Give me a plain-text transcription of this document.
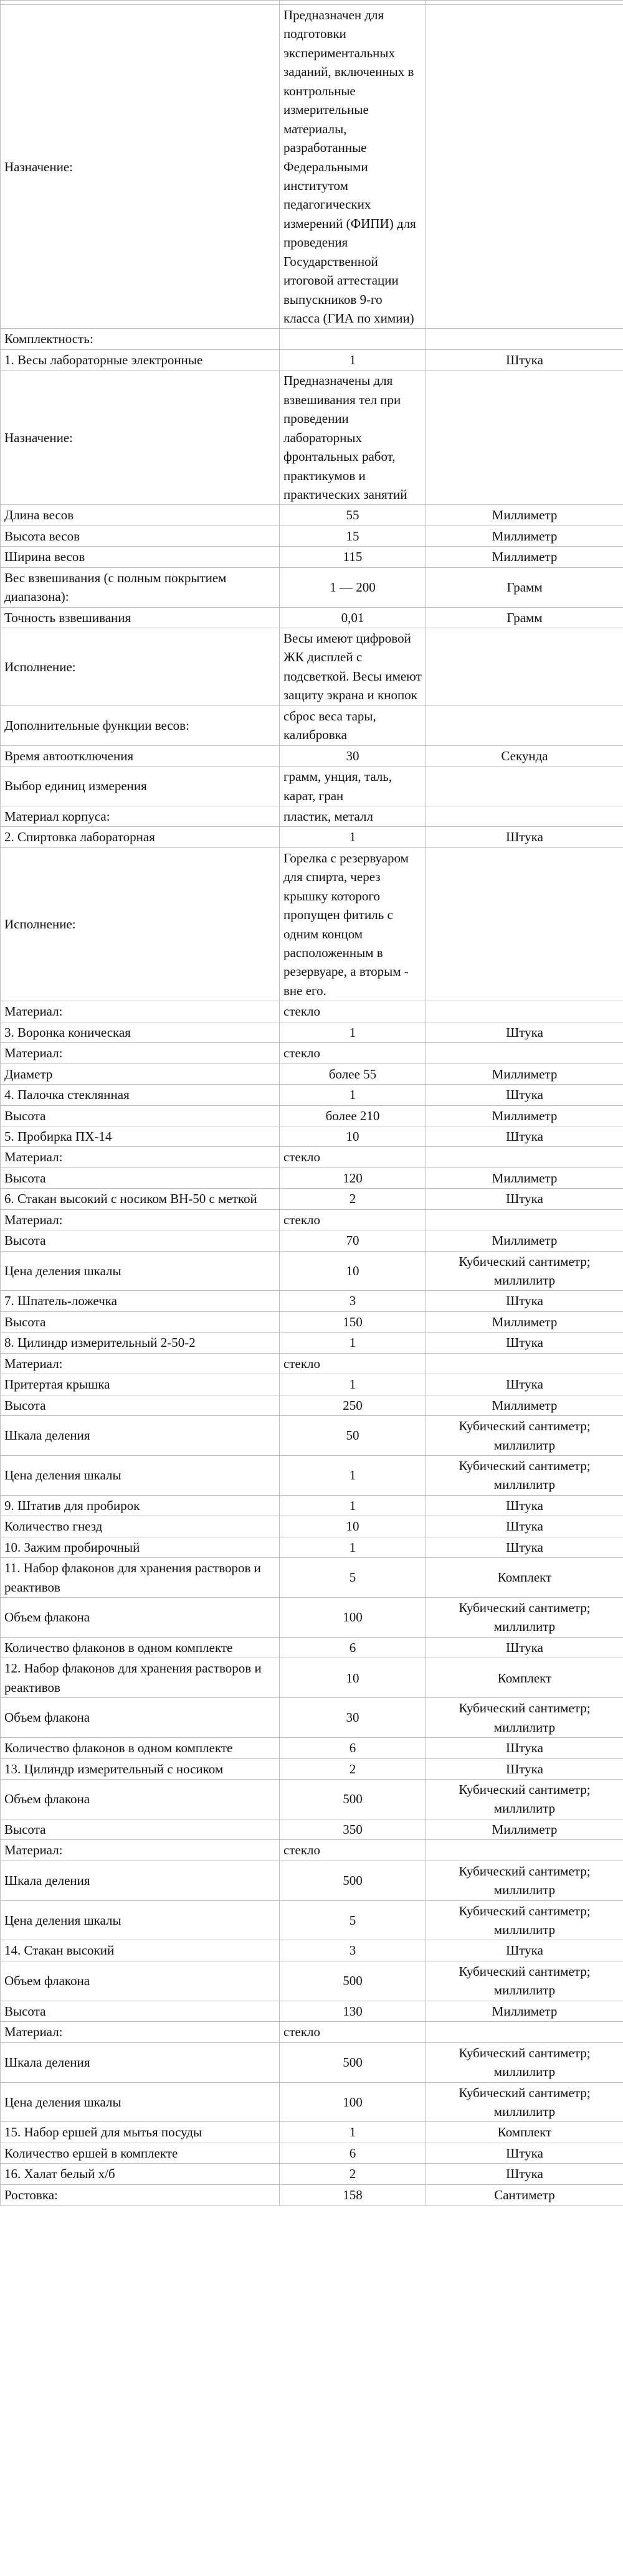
Назначение:	Предназначен для подготовки экспериментальных заданий, включенных в контрольные измерительные материалы, разработанные Федеральными институтом педагогических измерений (ФИПИ) для проведения Государственной итоговой аттестации выпускников 9-го класса (ГИА по химии)	
Комплектность:		
1. Весы лабораторные электронные	1	Штука
Назначение:	Предназначены для взвешивания тел при проведении лабораторных фронтальных работ, практикумов и практических занятий	
Длина весов	55	Миллиметр
Высота весов	15	Миллиметр
Ширина весов	115	Миллиметр
Вес взвешивания (с полным покрытием диапазона):	1 — 200	Грамм
Точность взвешивания	0,01	Грамм
Исполнение:	Весы имеют цифровой ЖК дисплей с подсветкой. Весы имеют защиту экрана и кнопок	
Дополнительные функции весов:	сброс веса тары, калибровка	
Время автоотключения	30	Секунда
Выбор единиц измерения	грамм, унция, таль, карат, гран	
Материал корпуса:	пластик, металл	
2. Спиртовка лабораторная	1	Штука
Исполнение:	Горелка с резервуаром для спирта, через крышку которого пропущен фитиль с одним концом расположенным в резервуаре, а вторым - вне его.	
Материал:	стекло	
3. Воронка коническая	1	Штука
Материал:	стекло	
Диаметр	более 55	Миллиметр
4. Палочка стеклянная	1	Штука
Высота	более 210	Миллиметр
5. Пробирка ПХ-14	10	Штука
Материал:	стекло	
Высота	120	Миллиметр
6. Стакан высокий с носиком ВН-50 с меткой	2	Штука
Материал:	стекло	
Высота	70	Миллиметр
Цена деления шкалы	10	Кубический сантиметр; миллилитр
7. Шпатель-ложечка	3	Штука
Высота	150	Миллиметр
8. Цилиндр измерительный 2-50-2	1	Штука
Материал:	стекло	
Притертая крышка	1	Штука
Высота	250	Миллиметр
Шкала деления	50	Кубический сантиметр; миллилитр
Цена деления шкалы	1	Кубический сантиметр; миллилитр
9. Штатив для пробирок	1	Штука
Количество гнезд	10	Штука
10. Зажим пробирочный	1	Штука
11. Набор флаконов для хранения растворов и реактивов	5	Комплект
Объем флакона	100	Кубический сантиметр; миллилитр
Количество флаконов в одном комплекте	6	Штука
12. Набор флаконов для хранения растворов и реактивов	10	Комплект
Объем флакона	30	Кубический сантиметр; миллилитр
Количество флаконов в одном комплекте	6	Штука
13. Цилиндр измерительный с носиком	2	Штука
Объем флакона	500	Кубический сантиметр; миллилитр
Высота	350	Миллиметр
Материал:	стекло	
Шкала деления	500	Кубический сантиметр; миллилитр
Цена деления шкалы	5	Кубический сантиметр; миллилитр
14. Стакан высокий	3	Штука
Объем флакона	500	Кубический сантиметр; миллилитр
Высота	130	Миллиметр
Материал:	стекло	
Шкала деления	500	Кубический сантиметр; миллилитр
Цена деления шкалы	100	Кубический сантиметр; миллилитр
15. Набор ершей для мытья посуды	1	Комплект
Количество ершей в комплекте	6	Штука
16. Халат белый х/б	2	Штука
Ростовка:	158	Сантиметр
